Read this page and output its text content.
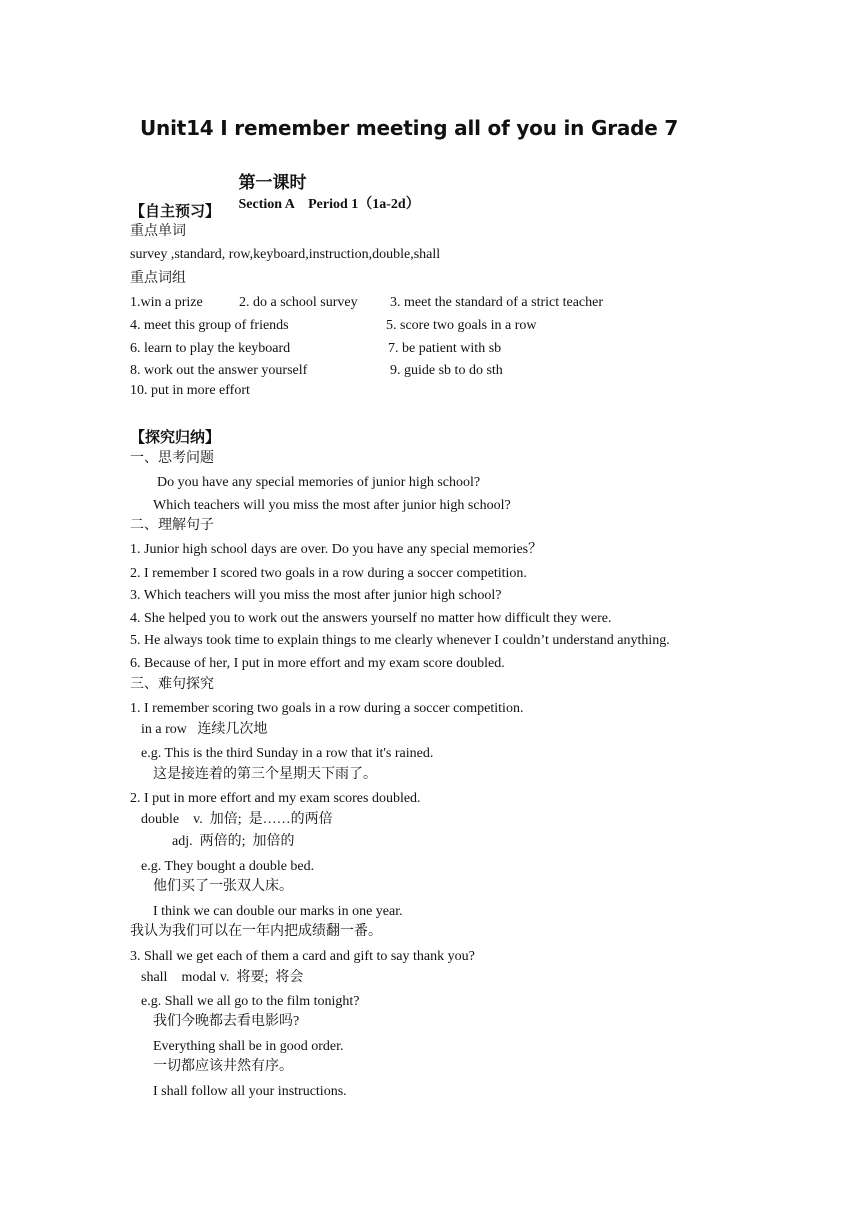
Unit14 I remember meeting all of you in Grade 7

第一课时
Section A    Period 1（1a-2d）

【自主预习】
重点单词
survey ,standard, row,keyboard,instruction,double,shall
重点词组
1.win a prize	2. do a school survey 3. meet the standard of a strict teacher
4. meet this group of friends	5. score two goals in a row
6. learn to play the keyboard	7. be patient with sb
8. work out the answer yourself	9. guide sb to do sth
10. put in more effort
【探究归纳】
一、思考问题
Do you have any special memories of junior high school?
Which teachers will you miss the most after junior high school?
二、理解句子
1. Junior high school days are over. Do you have any special memories？
2. I remember I scored two goals in a row during a soccer competition.
3. Which teachers will you miss the most after junior high school?
4. She helped you to work out the answers yourself no matter how difficult they were.
5. He always took time to explain things to me clearly whenever I couldn’t understand anything.
6. Because of her, I put in more effort and my exam score doubled.
三、难句探究
1. I remember scoring two goals in a row during a soccer competition.
in a row   连续几次地
e.g. This is the third Sunday in a row that it's rained.
这是接连着的第三个星期天下雨了。
2. I put in more effort and my exam scores doubled.
double    v.  加倍;  是……的两倍
adj.  两倍的;  加倍的
e.g. They bought a double bed.
他们买了一张双人床。
I think we can double our marks in one year.
我认为我们可以在一年内把成绩翻一番。
3. Shall we get each of them a card and gift to say thank you?
shall    modal v.  将要;  将会
e.g. Shall we all go to the film tonight?
我们今晚都去看电影吗?
Everything shall be in good order.
一切都应该井然有序。
I shall follow all your instructions.
